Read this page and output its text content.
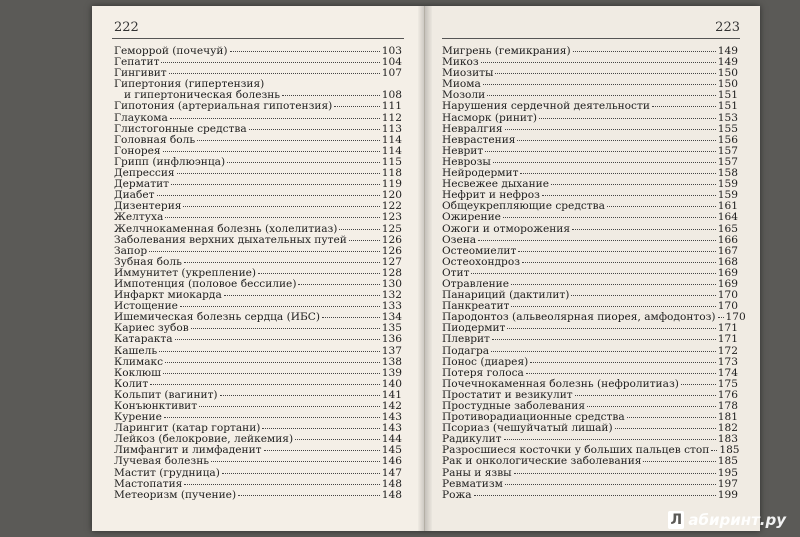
222
Геморрой (почечуй)	103
Гепатит	104
Гингивит	107
Гипертония (гипертензия)
и гипертоническая болезнь	108
Гипотония (артериальная гипотензия)	111
Глаукома	112
Глистогонные средства	113
Головная боль	114
Гонорея	114
Грипп (инфлюэнца)	115
Депрессия	118
Дерматит	119
Диабет	120
Дизентерия	122
Желтуха	123
Желчнокаменная болезнь (холелитиаз)	125
Заболевания верхних дыхательных путей	126
Запор	126
Зубная боль	127
Иммунитет (укрепление)	128
Импотенция (половое бессилие)	130
Инфаркт миокарда	132
Истощение	133
Ишемическая болезнь сердца (ИБС)	134
Кариес зубов	135
Катаракта	136
Кашель	137
Климакс	138
Коклюш	139
Колит	140
Кольпит (вагинит)	141
Конъюнктивит	142
Курение	143
Ларингит (катар гортани)	143
Лейкоз (белокровие, лейкемия)	144
Лимфангит и лимфаденит	145
Лучевая болезнь	146
Мастит (грудница)	147
Мастопатия	148
Метеоризм (пучение)	148
223
Мигрень (гемикрания)	149
Микоз	149
Миозиты	150
Миома	150
Мозоли	151
Нарушения сердечной деятельности	151
Насморк (ринит)	153
Невралгия	155
Неврастения	156
Неврит	157
Неврозы	157
Нейродермит	158
Несвежее дыхание	159
Нефрит и нефроз	159
Общеукрепляющие средства	161
Ожирение	164
Ожоги и отморожения	165
Озена	166
Остеомиелит	167
Остеохондроз	168
Отит	169
Отравление	169
Панариций (дактилит)	170
Панкреатит	170
Пародонтоз (альвеолярная пиорея, амфодонтоз) 170
Пиодермит	171
Плеврит	171
Подагра	172
Понос (диарея)	173
Потеря голоса	174
Почечнокаменная болезнь (нефролитиаз)	175
Простатит и везикулит	176
Простудные заболевания	178
Противорадиационные средства	181
Псориаз (чешуйчатый лишай)	182
Радикулит	183
Разросшиеся косточки у больших пальцев стоп 185
Рак и онкологические заболевания	185
Раны и язвы	195
Ревматизм	197
Рожа	199
Л абиринт.ру
